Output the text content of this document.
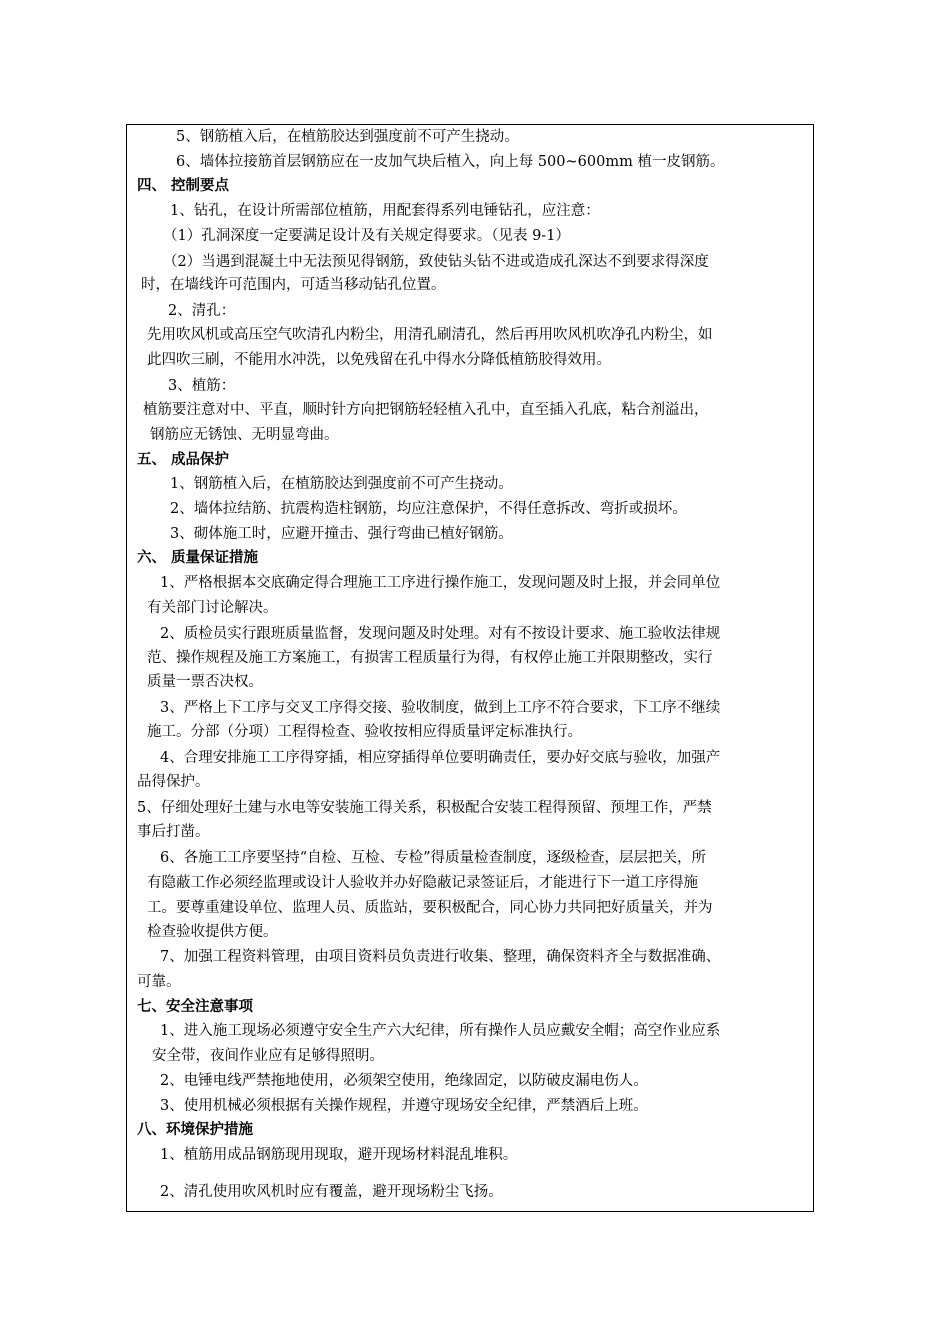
5、钢筋植入后，在植筋胶达到强度前不可产生挠动。
6、墙体拉接筋首层钢筋应在一皮加气块后植入，向上每 500~600mm 植一皮钢筋。
四、 控制要点
1、钻孔，在设计所需部位植筋，用配套得系列电锤钻孔，应注意：
（1）孔洞深度一定要满足设计及有关规定得要求。（见表 9-1）
（2）当遇到混凝土中无法预见得钢筋，致使钻头钻不进或造成孔深达不到要求得深度
时，在墙线许可范围内，可适当移动钻孔位置。
2、清孔：
先用吹风机或高压空气吹清孔内粉尘，用清孔刷清孔，然后再用吹风机吹净孔内粉尘，如
此四吹三刷，不能用水冲洗，以免残留在孔中得水分降低植筋胶得效用。
3、植筋：
植筋要注意对中、平直，顺时针方向把钢筋轻轻植入孔中，直至插入孔底，粘合剂溢出，
钢筋应无锈蚀、无明显弯曲。
五、 成品保护
1、钢筋植入后，在植筋胶达到强度前不可产生挠动。
2、墙体拉结筋、抗震构造柱钢筋，均应注意保护，不得任意拆改、弯折或损坏。
3、砌体施工时，应避开撞击、强行弯曲已植好钢筋。
六、 质量保证措施
1、严格根据本交底确定得合理施工工序进行操作施工，发现问题及时上报，并会同单位
有关部门讨论解决。
2、质检员实行跟班质量监督，发现问题及时处理。对有不按设计要求、施工验收法律规
范、操作规程及施工方案施工，有损害工程质量行为得，有权停止施工并限期整改，实行
质量一票否决权。
3、严格上下工序与交叉工序得交接、验收制度，做到上工序不符合要求，下工序不继续
施工。分部（分项）工程得检查、验收按相应得质量评定标准执行。
4、合理安排施工工序得穿插，相应穿插得单位要明确责任，要办好交底与验收，加强产
品得保护。
5、仔细处理好土建与水电等安装施工得关系，积极配合安装工程得预留、预埋工作，严禁
事后打凿。
6、各施工工序要坚持“自检、互检、专检”得质量检查制度，逐级检查，层层把关，所
有隐蔽工作必须经监理或设计人验收并办好隐蔽记录签证后，才能进行下一道工序得施
工。要尊重建设单位、监理人员、质监站，要积极配合，同心协力共同把好质量关，并为
检查验收提供方便。
7、加强工程资料管理，由项目资料员负责进行收集、整理，确保资料齐全与数据准确、
可靠。
七、安全注意事项
1、进入施工现场必须遵守安全生产六大纪律，所有操作人员应戴安全帽；高空作业应系
安全带，夜间作业应有足够得照明。
2、电锤电线严禁拖地使用，必须架空使用，绝缘固定，以防破皮漏电伤人。
3、使用机械必须根据有关操作规程，并遵守现场安全纪律，严禁酒后上班。
八、环境保护措施
1、植筋用成品钢筋现用现取，避开现场材料混乱堆积。
2、清孔使用吹风机时应有覆盖，避开现场粉尘飞扬。
